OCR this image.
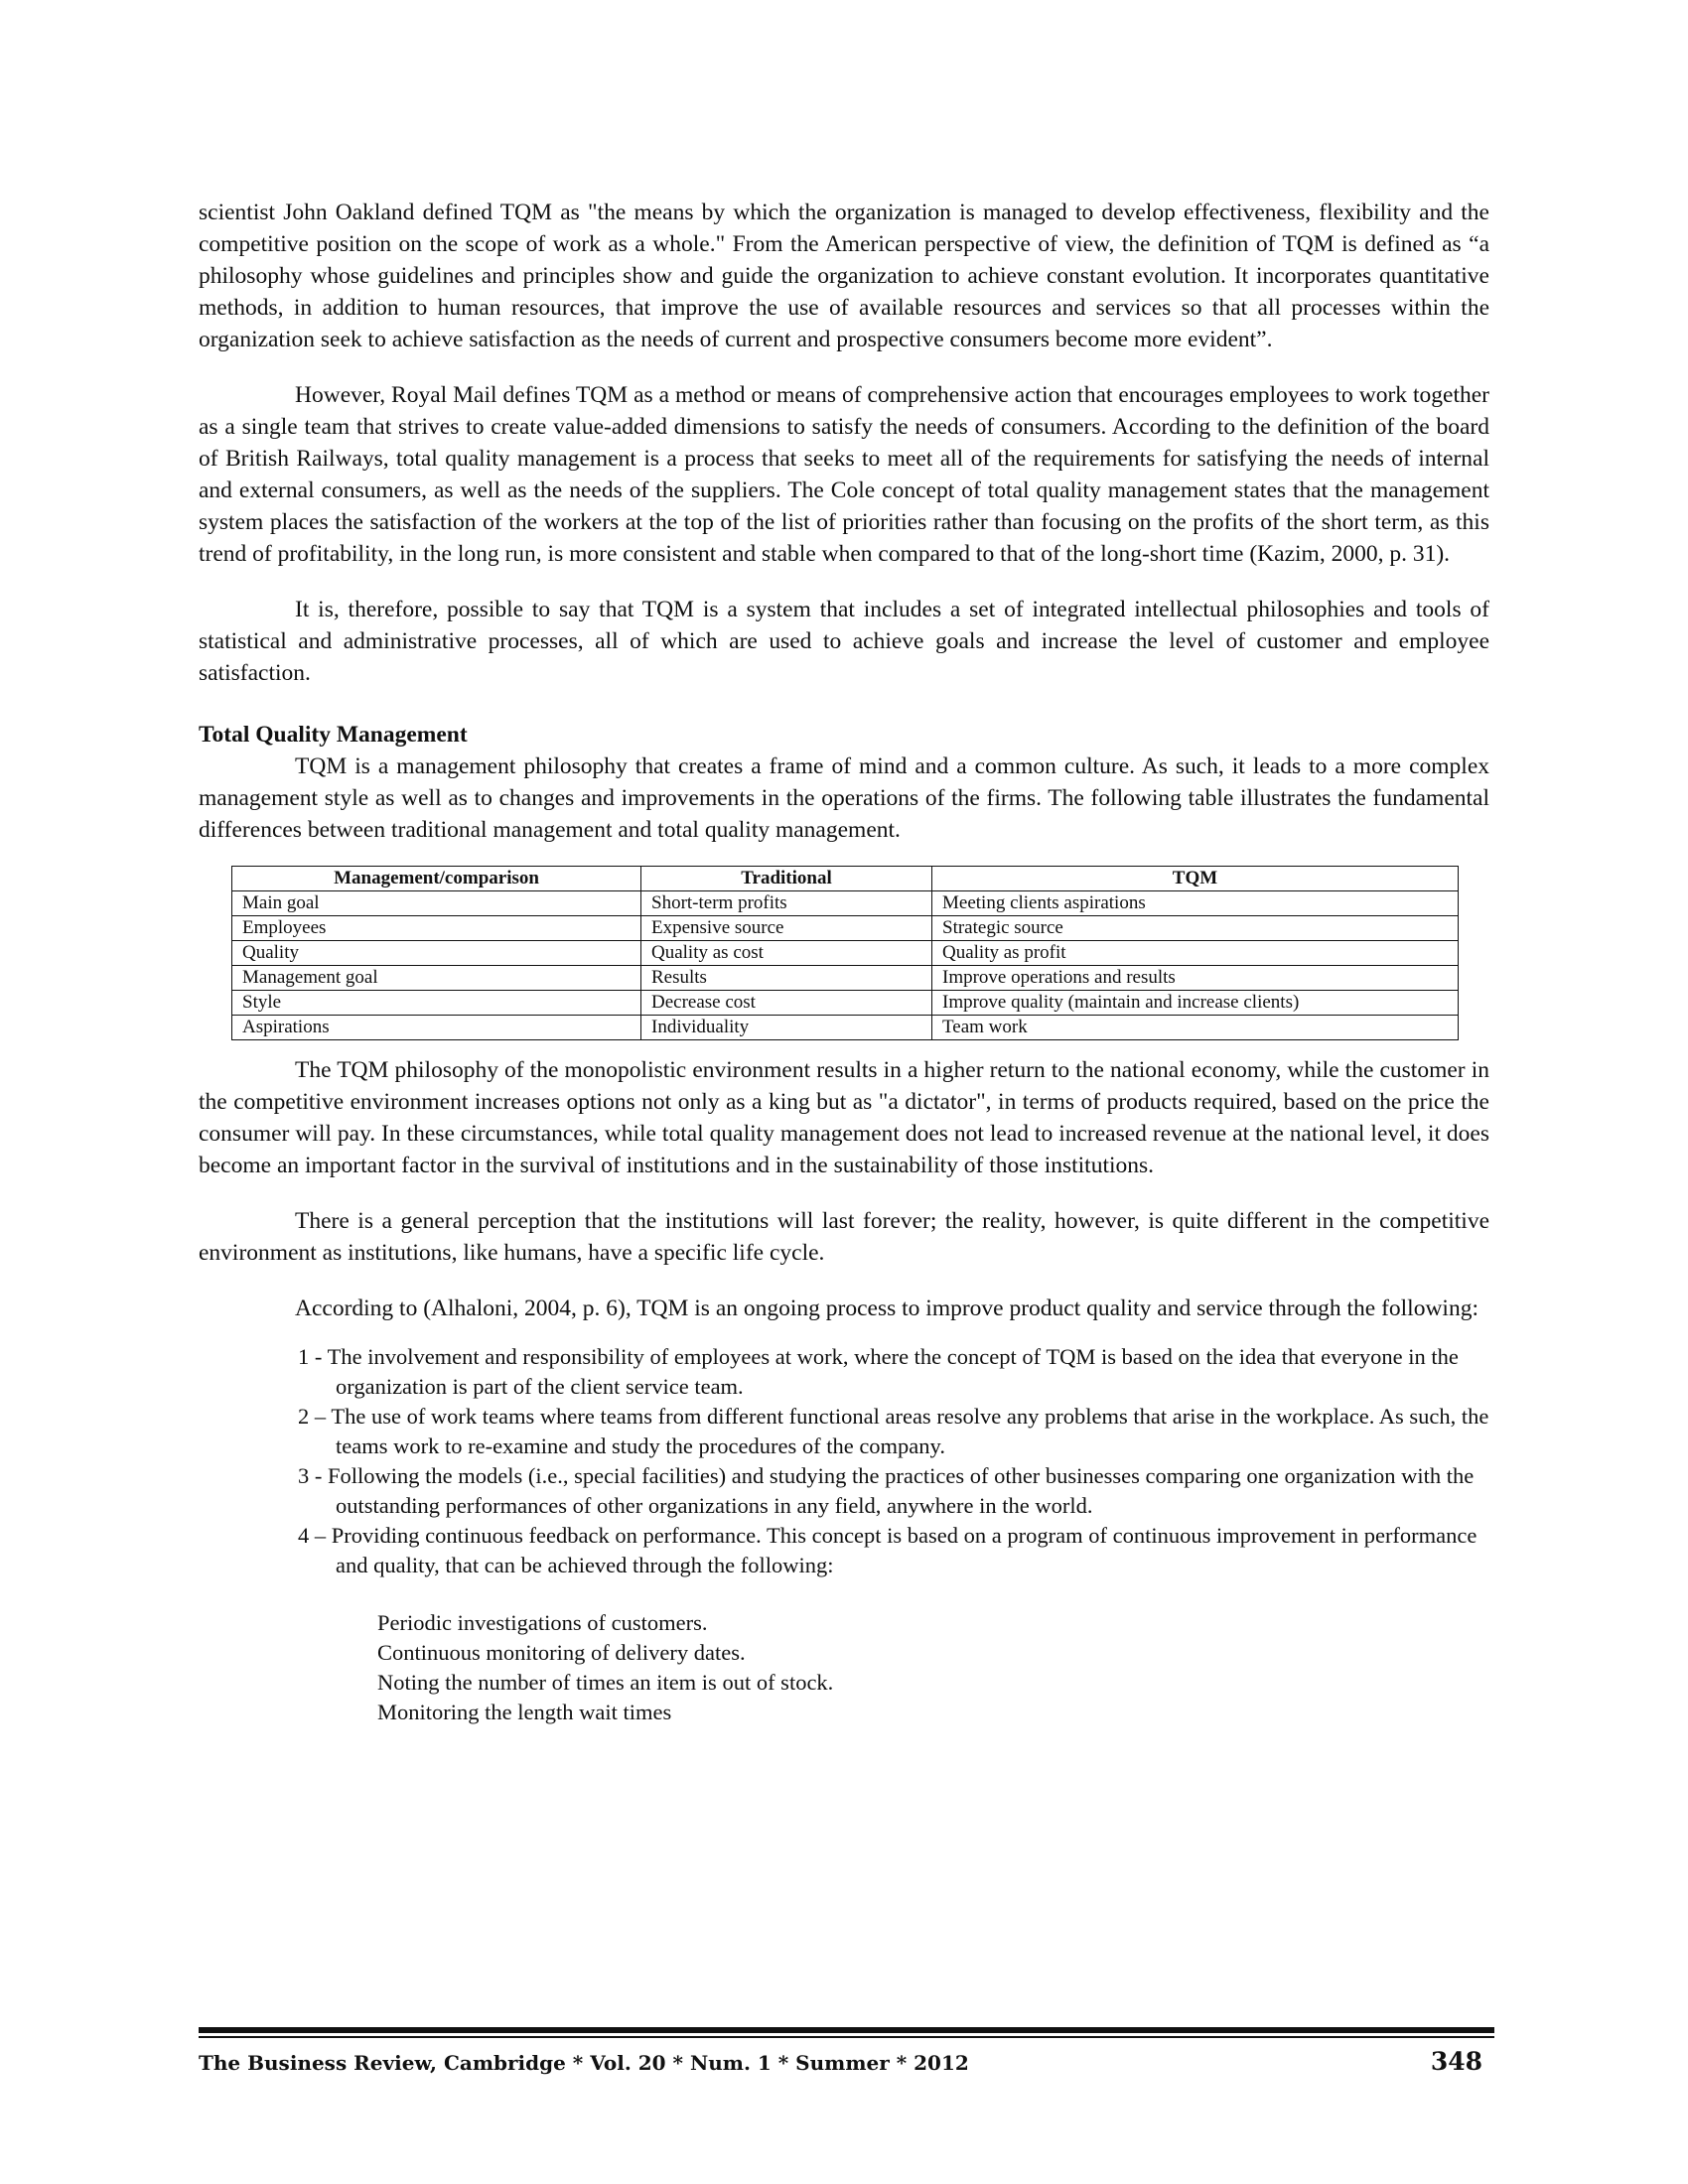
scientist John Oakland defined TQM as "the means by which the organization is managed to develop effectiveness, flexibility and the competitive position on the scope of work as a whole." From the American perspective of view, the definition of TQM is defined as “a philosophy whose guidelines and principles show and guide the organization to achieve constant evolution. It incorporates quantitative methods, in addition to human resources, that improve the use of available resources and services so that all processes within the organization seek to achieve satisfaction as the needs of current and prospective consumers become more evident”.

However, Royal Mail defines TQM as a method or means of comprehensive action that encourages employees to work together as a single team that strives to create value-added dimensions to satisfy the needs of consumers. According to the definition of the board of British Railways, total quality management is a process that seeks to meet all of the requirements for satisfying the needs of internal and external consumers, as well as the needs of the suppliers. The Cole concept of total quality management states that the management system places the satisfaction of the workers at the top of the list of priorities rather than focusing on the profits of the short term, as this trend of profitability, in the long run, is more consistent and stable when compared to that of the long-short time (Kazim, 2000, p. 31).

It is, therefore, possible to say that TQM is a system that includes a set of integrated intellectual philosophies and tools of statistical and administrative processes, all of which are used to achieve goals and increase the level of customer and employee satisfaction.

Total Quality Management

TQM is a management philosophy that creates a frame of mind and a common culture. As such, it leads to a more complex management style as well as to changes and improvements in the operations of the firms. The following table illustrates the fundamental differences between traditional management and total quality management.

Management/comparison	Traditional	TQM
Main goal	Short-term profits	Meeting clients aspirations
Employees	Expensive source	Strategic source
Quality	Quality as cost	Quality as profit
Management goal	Results	Improve operations and results
Style	Decrease cost	Improve quality (maintain and increase clients)
Aspirations	Individuality	Team work

The TQM philosophy of the monopolistic environment results in a higher return to the national economy, while the customer in the competitive environment increases options not only as a king but as "a dictator", in terms of products required, based on the price the consumer will pay. In these circumstances, while total quality management does not lead to increased revenue at the national level, it does become an important factor in the survival of institutions and in the sustainability of those institutions.

There is a general perception that the institutions will last forever; the reality, however, is quite different in the competitive environment as institutions, like humans, have a specific life cycle.

According to (Alhaloni, 2004, p. 6), TQM is an ongoing process to improve product quality and service through the following:

1 - The involvement and responsibility of employees at work, where the concept of TQM is based on the idea that everyone in the organization is part of the client service team.
2 – The use of work teams where teams from different functional areas resolve any problems that arise in the workplace. As such, the teams work to re-examine and study the procedures of the company.
3 - Following the models (i.e., special facilities) and studying the practices of other businesses comparing one organization with the outstanding performances of other organizations in any field, anywhere in the world.
4 – Providing continuous feedback on performance. This concept is based on a program of continuous improvement in performance and quality, that can be achieved through the following:
Periodic investigations of customers.
Continuous monitoring of delivery dates.
Noting the number of times an item is out of stock.
Monitoring the length wait times
The Business Review, Cambridge * Vol. 20 * Num. 1 * Summer * 2012	348
